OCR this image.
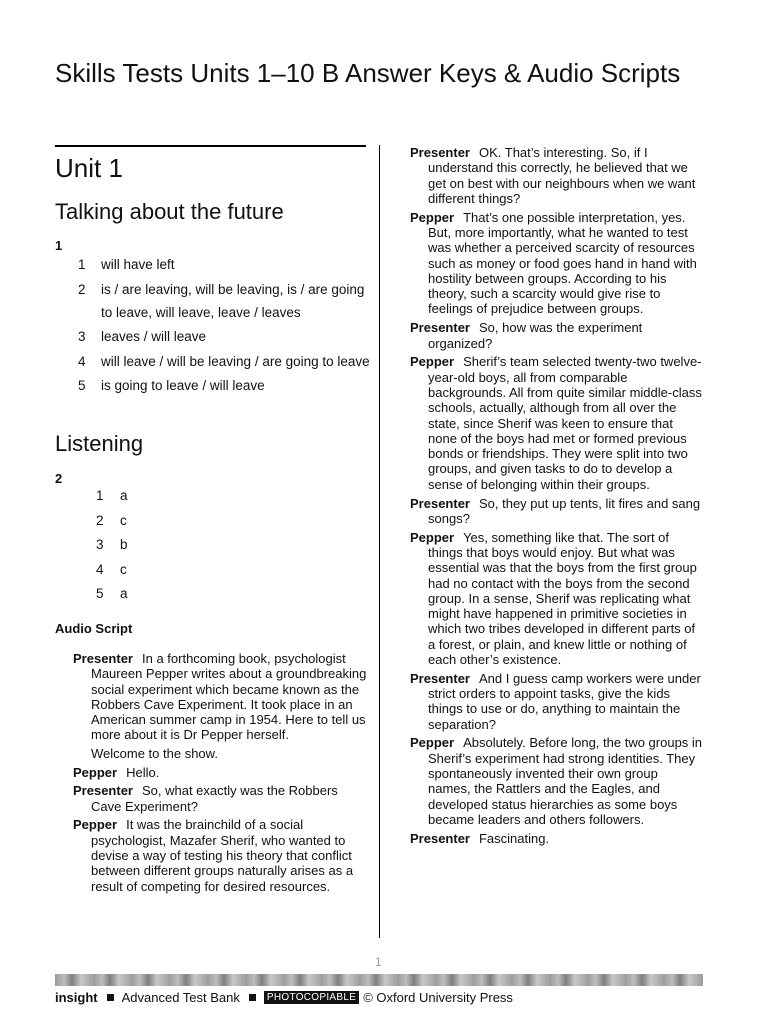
Skills Tests Units 1–10 B Answer Keys & Audio Scripts
Unit 1
Talking about the future
1
1 will have left
2 is / are leaving, will be leaving, is / are going to leave, will leave, leave / leaves
3 leaves / will leave
4 will leave / will be leaving / are going to leave
5 is going to leave / will leave
Listening
2
1 a
2 c
3 b
4 c
5 a
Audio Script
Presenter In a forthcoming book, psychologist Maureen Pepper writes about a groundbreaking social experiment which became known as the Robbers Cave Experiment. It took place in an American summer camp in 1954. Here to tell us more about it is Dr Pepper herself.
Welcome to the show.
Pepper Hello.
Presenter So, what exactly was the Robbers Cave Experiment?
Pepper It was the brainchild of a social psychologist, Mazafer Sherif, who wanted to devise a way of testing his theory that conflict between different groups naturally arises as a result of competing for desired resources.
Presenter OK. That’s interesting. So, if I understand this correctly, he believed that we get on best with our neighbours when we want different things?
Pepper That’s one possible interpretation, yes. But, more importantly, what he wanted to test was whether a perceived scarcity of resources such as money or food goes hand in hand with hostility between groups. According to his theory, such a scarcity would give rise to feelings of prejudice between groups.
Presenter So, how was the experiment organized?
Pepper Sherif’s team selected twenty-two twelve-year-old boys, all from comparable backgrounds. All from quite similar middle-class schools, actually, although from all over the state, since Sherif was keen to ensure that none of the boys had met or formed previous bonds or friendships. They were split into two groups, and given tasks to do to develop a sense of belonging within their groups.
Presenter So, they put up tents, lit fires and sang songs?
Pepper Yes, something like that. The sort of things that boys would enjoy. But what was essential was that the boys from the first group had no contact with the boys from the second group. In a sense, Sherif was replicating what might have happened in primitive societies in which two tribes developed in different parts of a forest, or plain, and knew little or nothing of each other’s existence.
Presenter And I guess camp workers were under strict orders to appoint tasks, give the kids things to use or do, anything to maintain the separation?
Pepper Absolutely. Before long, the two groups in Sherif’s experiment had strong identities. They spontaneously invented their own group names, the Rattlers and the Eagles, and developed status hierarchies as some boys became leaders and others followers.
Presenter Fascinating.
1
insight Advanced Test Bank	PHOTOCOPIABLE © Oxford University Press
